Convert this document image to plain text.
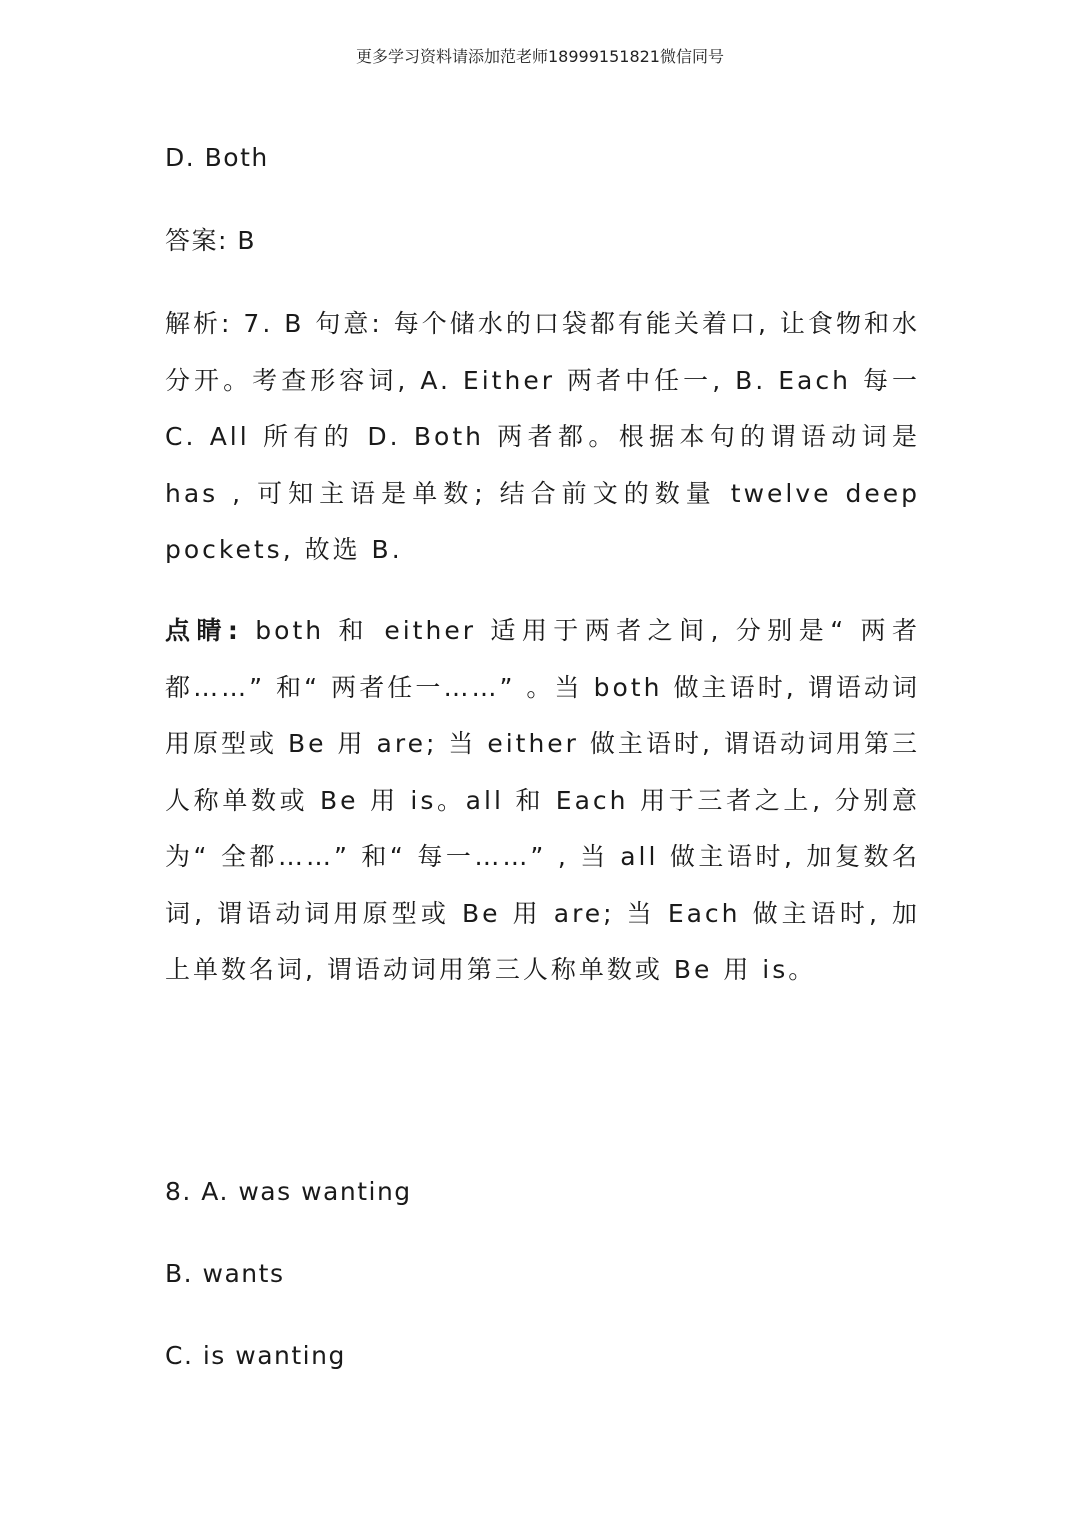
更多学习资料请添加范老师18999151821微信同号
D. Both
答案: B
解析: 7. B 句意: 每个储水的口袋都有能关着口, 让食物和水分开。考查形容词, A. Either 两者中任一, B. Each 每一 C. All 所有的 D. Both 两者都。根据本句的谓语动词是 has , 可知主语是单数; 结合前文的数量 twelve deep pockets, 故选 B.
点睛: both 和 either 适用于两者之间, 分别是“ 两者都……” 和“ 两者任一……” 。当 both 做主语时, 谓语动词用原型或 Be 用 are; 当 either 做主语时, 谓语动词用第三人称单数或 Be 用 is。all 和 Each 用于三者之上, 分别意为“ 全都……” 和“ 每一……” , 当 all 做主语时, 加复数名词, 谓语动词用原型或 Be 用 are; 当 Each 做主语时, 加上单数名词, 谓语动词用第三人称单数或 Be 用 is。
8. A. was wanting
B. wants
C. is wanting
